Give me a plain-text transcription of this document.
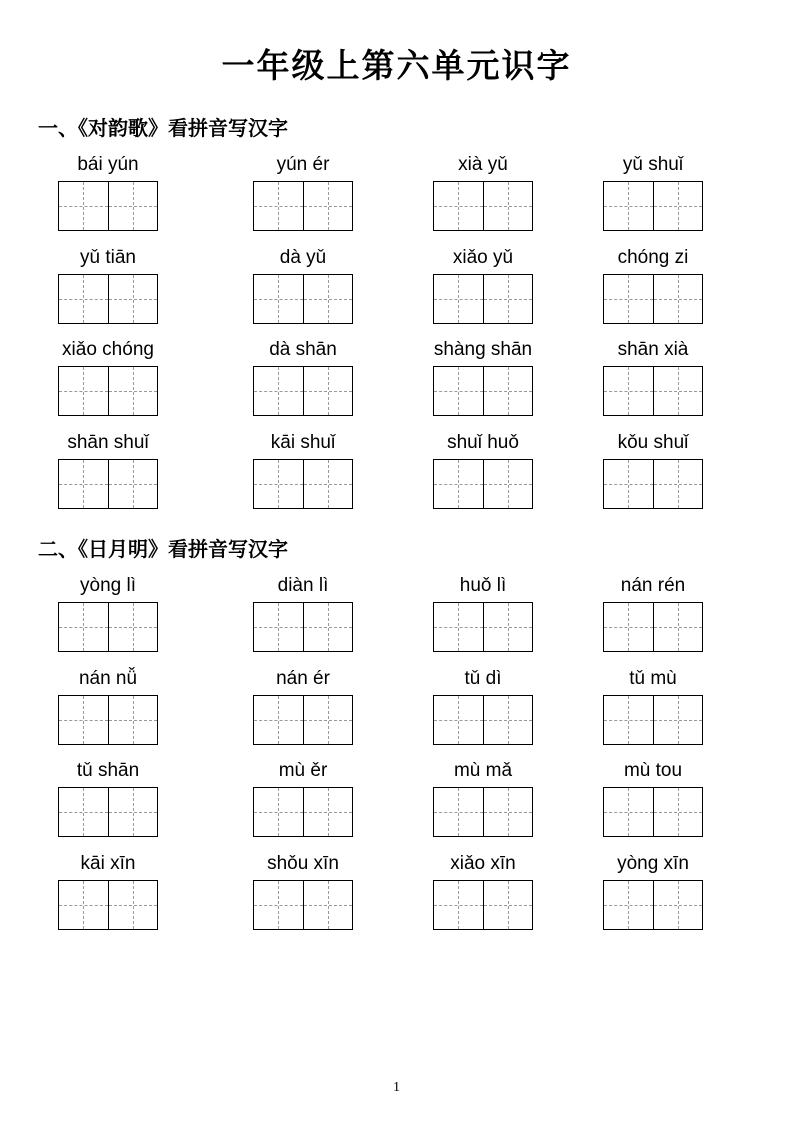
一年级上第六单元识字
一、《对韵歌》看拼音写汉字
bái yún	yún ér	xià yǔ	yǔ shuǐ
yǔ tiān	dà yǔ	xiǎo yǔ	chóng zi
xiǎo chóng	dà shān	shàng shān	shān xià
shān shuǐ	kāi shuǐ	shuǐ huǒ	kǒu shuǐ
二、《日月明》看拼音写汉字
yòng lì	diàn lì	huǒ lì	nán rén
nán nǚ	nán ér	tǔ dì	tǔ mù
tǔ shān	mù ěr	mù mǎ	mù tou
kāi xīn	shǒu xīn	xiǎo xīn	yòng xīn
1
